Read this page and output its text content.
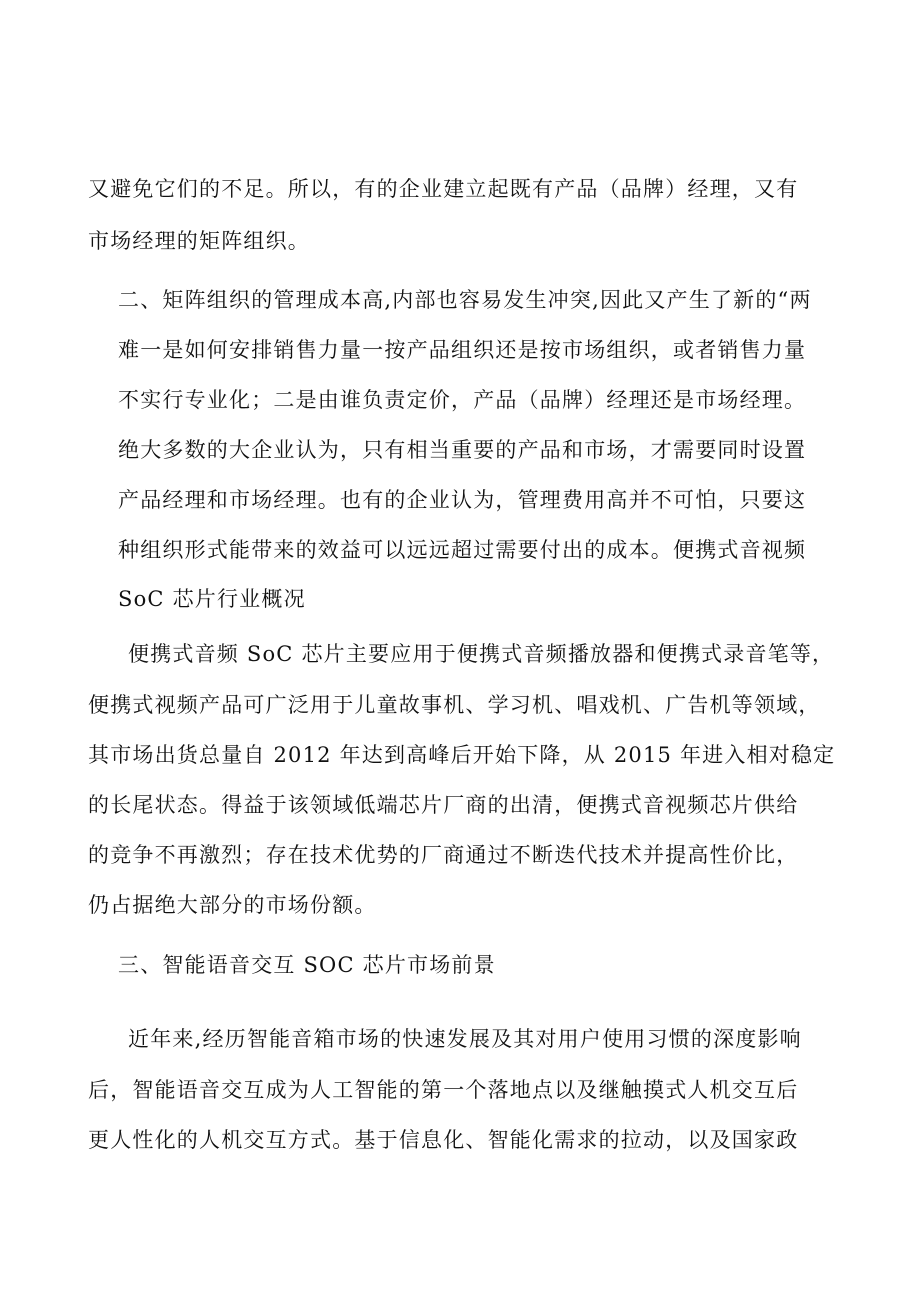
又避免它们的不足。所以，有的企业建立起既有产品（品牌）经理，又有
市场经理的矩阵组织。
二、矩阵组织的管理成本高,内部也容易发生冲突,因此又产生了新的“两
难一是如何安排销售力量一按产品组织还是按市场组织，或者销售力量
不实行专业化；二是由谁负责定价，产品（品牌）经理还是市场经理。
绝大多数的大企业认为，只有相当重要的产品和市场，才需要同时设置
产品经理和市场经理。也有的企业认为，管理费用高并不可怕，只要这
种组织形式能带来的效益可以远远超过需要付出的成本。便携式音视频
SoC 芯片行业概况
便携式音频 SoC 芯片主要应用于便携式音频播放器和便携式录音笔等，
便携式视频产品可广泛用于儿童故事机、学习机、唱戏机、广告机等领域，
其市场出货总量自 2012 年达到高峰后开始下降，从 2015 年进入相对稳定
的长尾状态。得益于该领域低端芯片厂商的出清，便携式音视频芯片供给
的竞争不再激烈；存在技术优势的厂商通过不断迭代技术并提高性价比，
仍占据绝大部分的市场份额。
三、智能语音交互 SOC 芯片市场前景
近年来,经历智能音箱市场的快速发展及其对用户使用习惯的深度影响
后，智能语音交互成为人工智能的第一个落地点以及继触摸式人机交互后
更人性化的人机交互方式。基于信息化、智能化需求的拉动，以及国家政
